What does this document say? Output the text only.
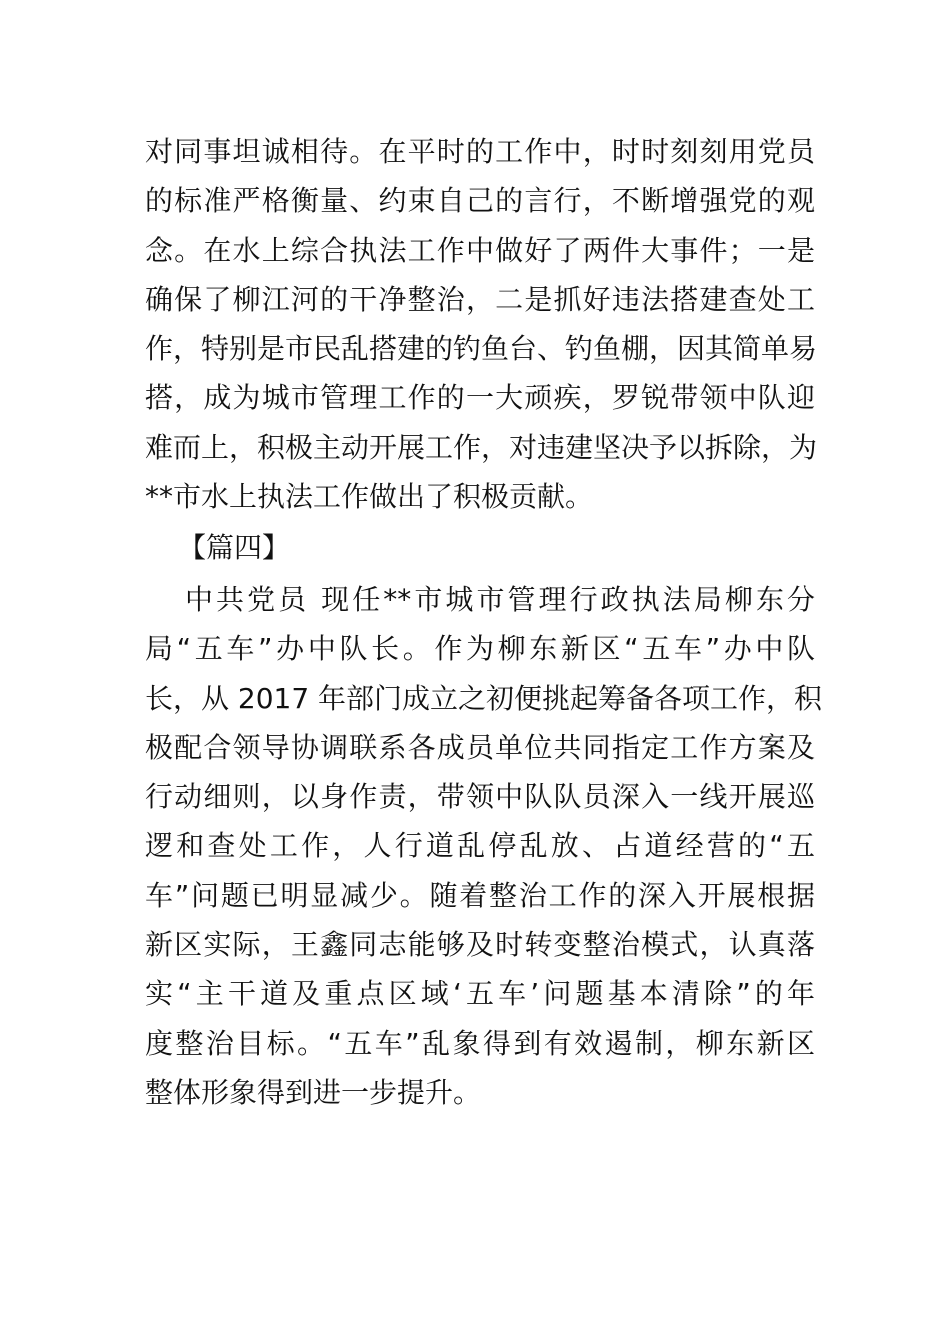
对同事坦诚相待。在平时的工作中，时时刻刻用党员
的标准严格衡量、约束自己的言行，不断增强党的观
念。在水上综合执法工作中做好了两件大事件；一是
确保了柳江河的干净整治，二是抓好违法搭建查处工
作，特别是市民乱搭建的钓鱼台、钓鱼棚，因其简单易
搭，成为城市管理工作的一大顽疾，罗锐带领中队迎
难而上，积极主动开展工作，对违建坚决予以拆除，为
**市水上执法工作做出了积极贡献。
【篇四】
中共党员 现任**市城市管理行政执法局柳东分
局“五车”办中队长。作为柳东新区“五车”办中队
长，从 2017 年部门成立之初便挑起筹备各项工作，积
极配合领导协调联系各成员单位共同指定工作方案及
行动细则，以身作责，带领中队队员深入一线开展巡
逻和查处工作，人行道乱停乱放、占道经营的“五
车”问题已明显减少。随着整治工作的深入开展根据
新区实际，王鑫同志能够及时转变整治模式，认真落
实“主干道及重点区域‘五车’问题基本清除”的年
度整治目标。“五车”乱象得到有效遏制，柳东新区
整体形象得到进一步提升。
